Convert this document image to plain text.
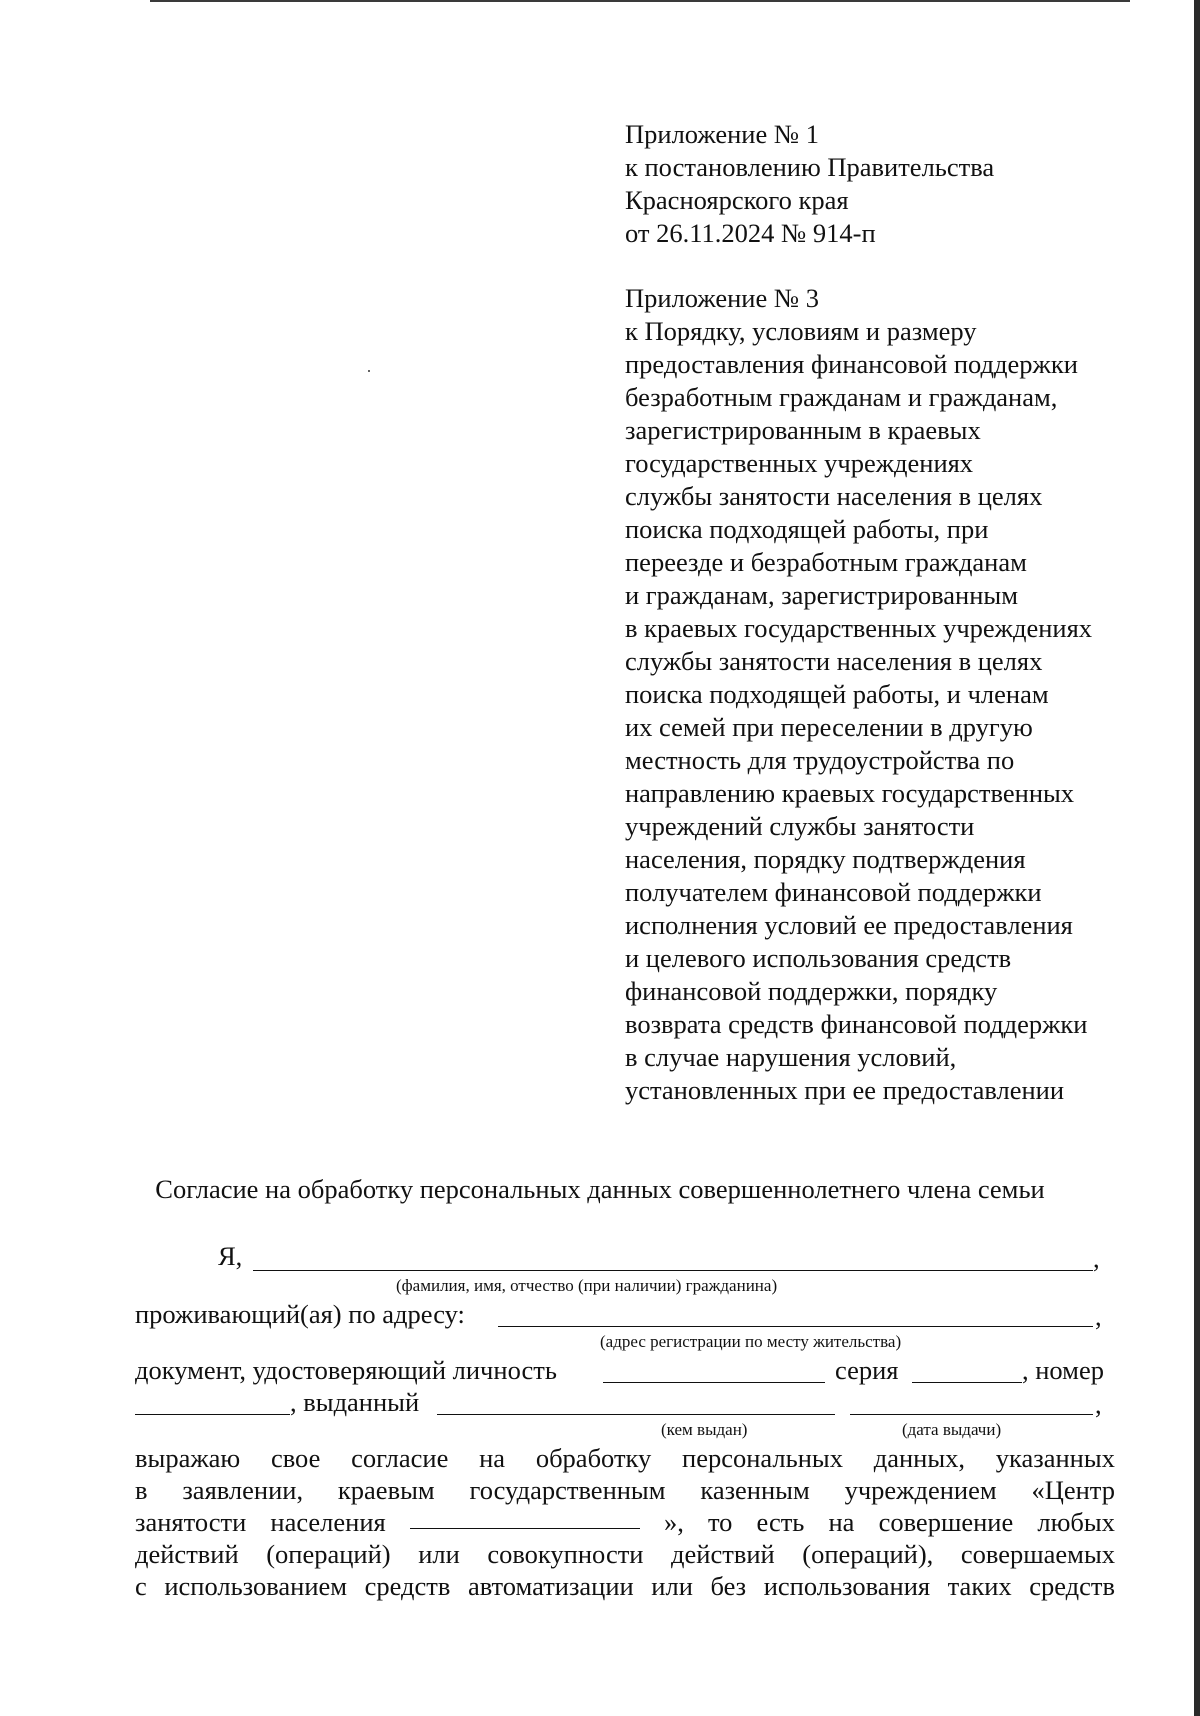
Приложение № 1

к постановлению Правительства

Красноярского края

от 26.11.2024 № 914-п

Приложение № 3

к Порядку, условиям и размеру

предоставления финансовой поддержки

безработным гражданам и гражданам,

зарегистрированным в краевых

государственных учреждениях

службы занятости населения в целях

поиска подходящей работы, при

переезде и безработным гражданам

и гражданам, зарегистрированным

в краевых государственных учреждениях

службы занятости населения в целях

поиска подходящей работы, и членам

их семей при переселении в другую

местность для трудоустройства по

направлению краевых государственных

учреждений службы занятости

населения, порядку подтверждения

получателем финансовой поддержки

исполнения условий ее предоставления

и целевого использования средств

финансовой поддержки, порядку

возврата средств финансовой поддержки

в случае нарушения условий,

установленных при ее предоставлении

Согласие на обработку персональных данных совершеннолетнего члена семьи
Я,	,
(фамилия, имя, отчество (при наличии) гражданина)
проживающий(ая) по адресу:	,
(адрес регистрации по месту жительства)
документ, удостоверяющий личность	серия	, номер
, выданный	,
(кем выдан)	(дата выдачи)
выражаю свое согласие на обработку персональных данных, указанных
в заявлении, краевым государственным казенным учреждением «Центр
занятости населения	», то есть на совершение любых
действий (операций) или совокупности действий (операций), совершаемых
с использованием средств автоматизации или без использования таких средств
